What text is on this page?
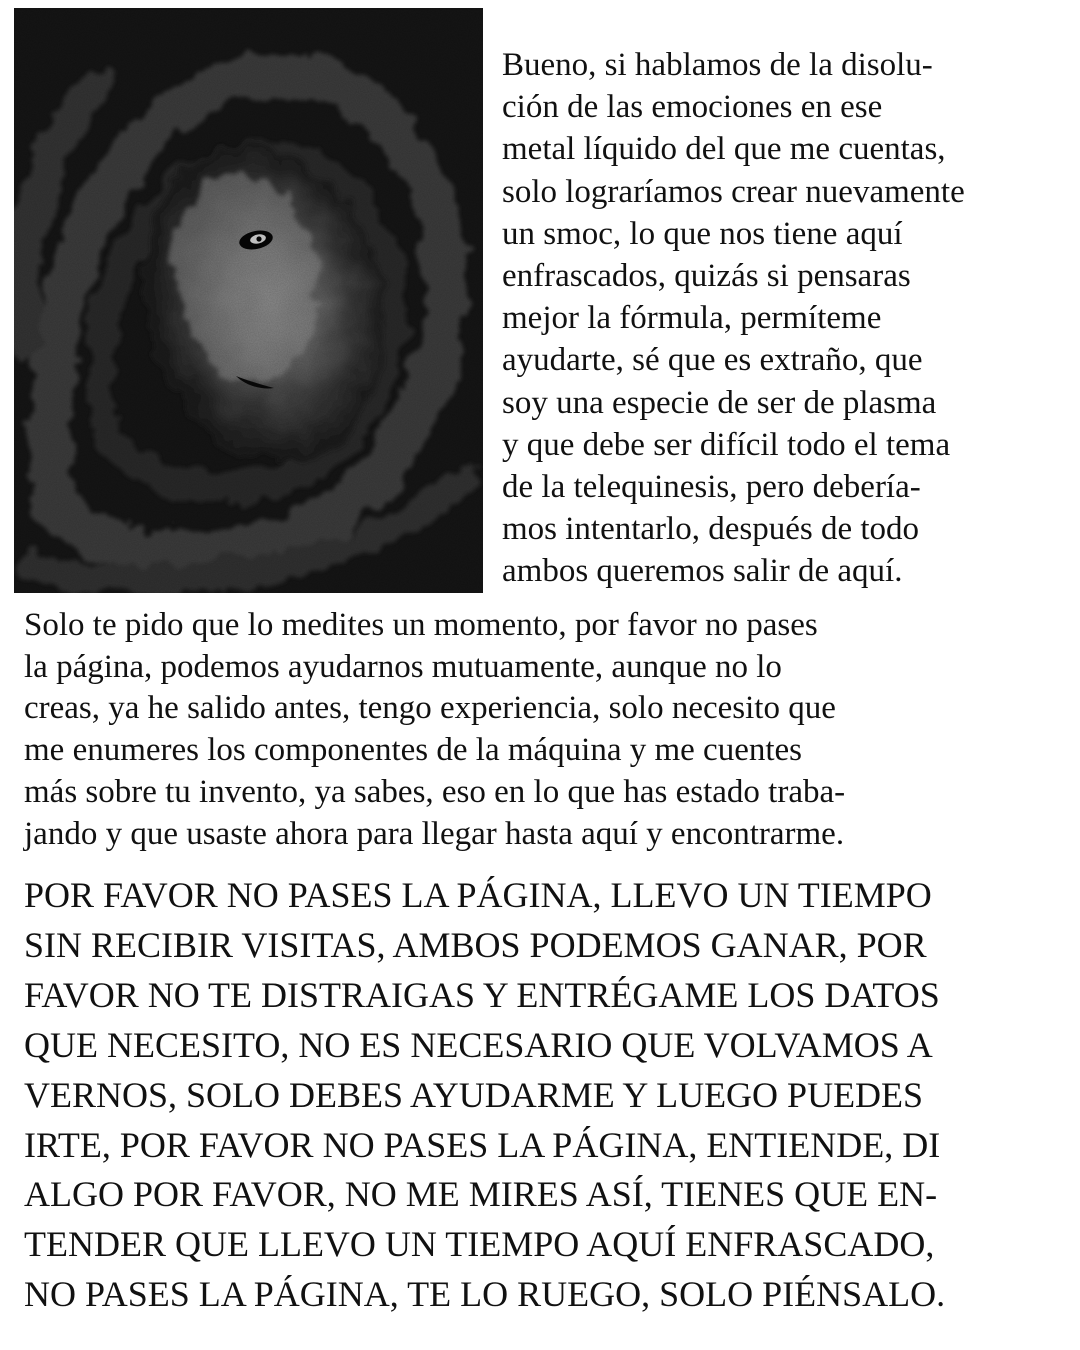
Bueno, si hablamos de la disolu-
ción de las emociones en ese
metal líquido del que me cuentas,
solo lograríamos crear nuevamente
un smoc, lo que nos tiene aquí
enfrascados, quizás si pensaras
mejor la fórmula, permíteme
ayudarte, sé que es extraño, que
soy una especie de ser de plasma
y que debe ser difícil todo el tema
de la telequinesis, pero debería-
mos intentarlo, después de todo
ambos queremos salir de aquí.

Solo te pido que lo medites un momento, por favor no pases
la página, podemos ayudarnos mutuamente, aunque no lo
creas, ya he salido antes, tengo experiencia, solo necesito que
me enumeres los componentes de la máquina y me cuentes
más sobre tu invento, ya sabes, eso en lo que has estado traba-
jando y que usaste ahora para llegar hasta aquí y encontrarme.

POR FAVOR NO PASES LA PÁGINA, LLEVO UN TIEMPO
SIN RECIBIR VISITAS, AMBOS PODEMOS GANAR, POR
FAVOR NO TE DISTRAIGAS Y ENTRÉGAME LOS DATOS
QUE NECESITO, NO ES NECESARIO QUE VOLVAMOS A
VERNOS, SOLO DEBES AYUDARME Y LUEGO PUEDES
IRTE, POR FAVOR NO PASES LA PÁGINA, ENTIENDE, DI
ALGO POR FAVOR, NO ME MIRES ASÍ, TIENES QUE EN-
TENDER QUE LLEVO UN TIEMPO AQUÍ ENFRASCADO,
NO PASES LA PÁGINA, TE LO RUEGO, SOLO PIÉNSALO.
